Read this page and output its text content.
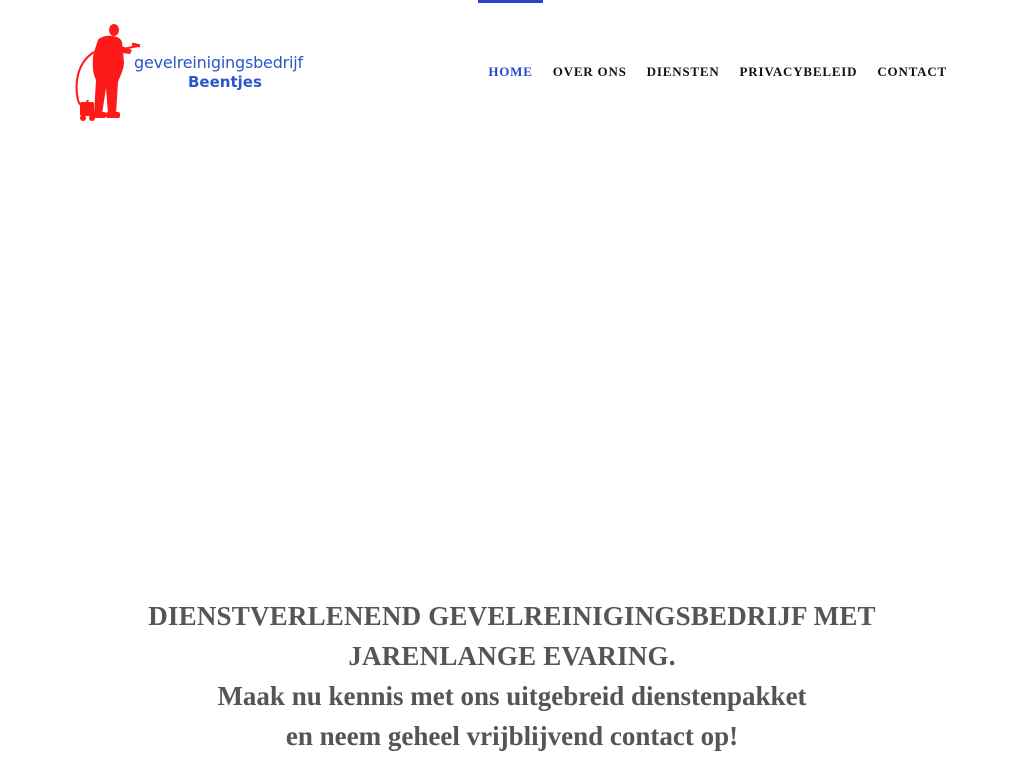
gevelreinigingsbedrijf
Beentjes
HOME	OVER ONS	DIENSTEN	PRIVACYBELEID	CONTACT
DIENSTVERLENEND GEVELREINIGINGSBEDRIJF MET
JARENLANGE EVARING.
Maak nu kennis met ons uitgebreid dienstenpakket
en neem geheel vrijblijvend contact op!
